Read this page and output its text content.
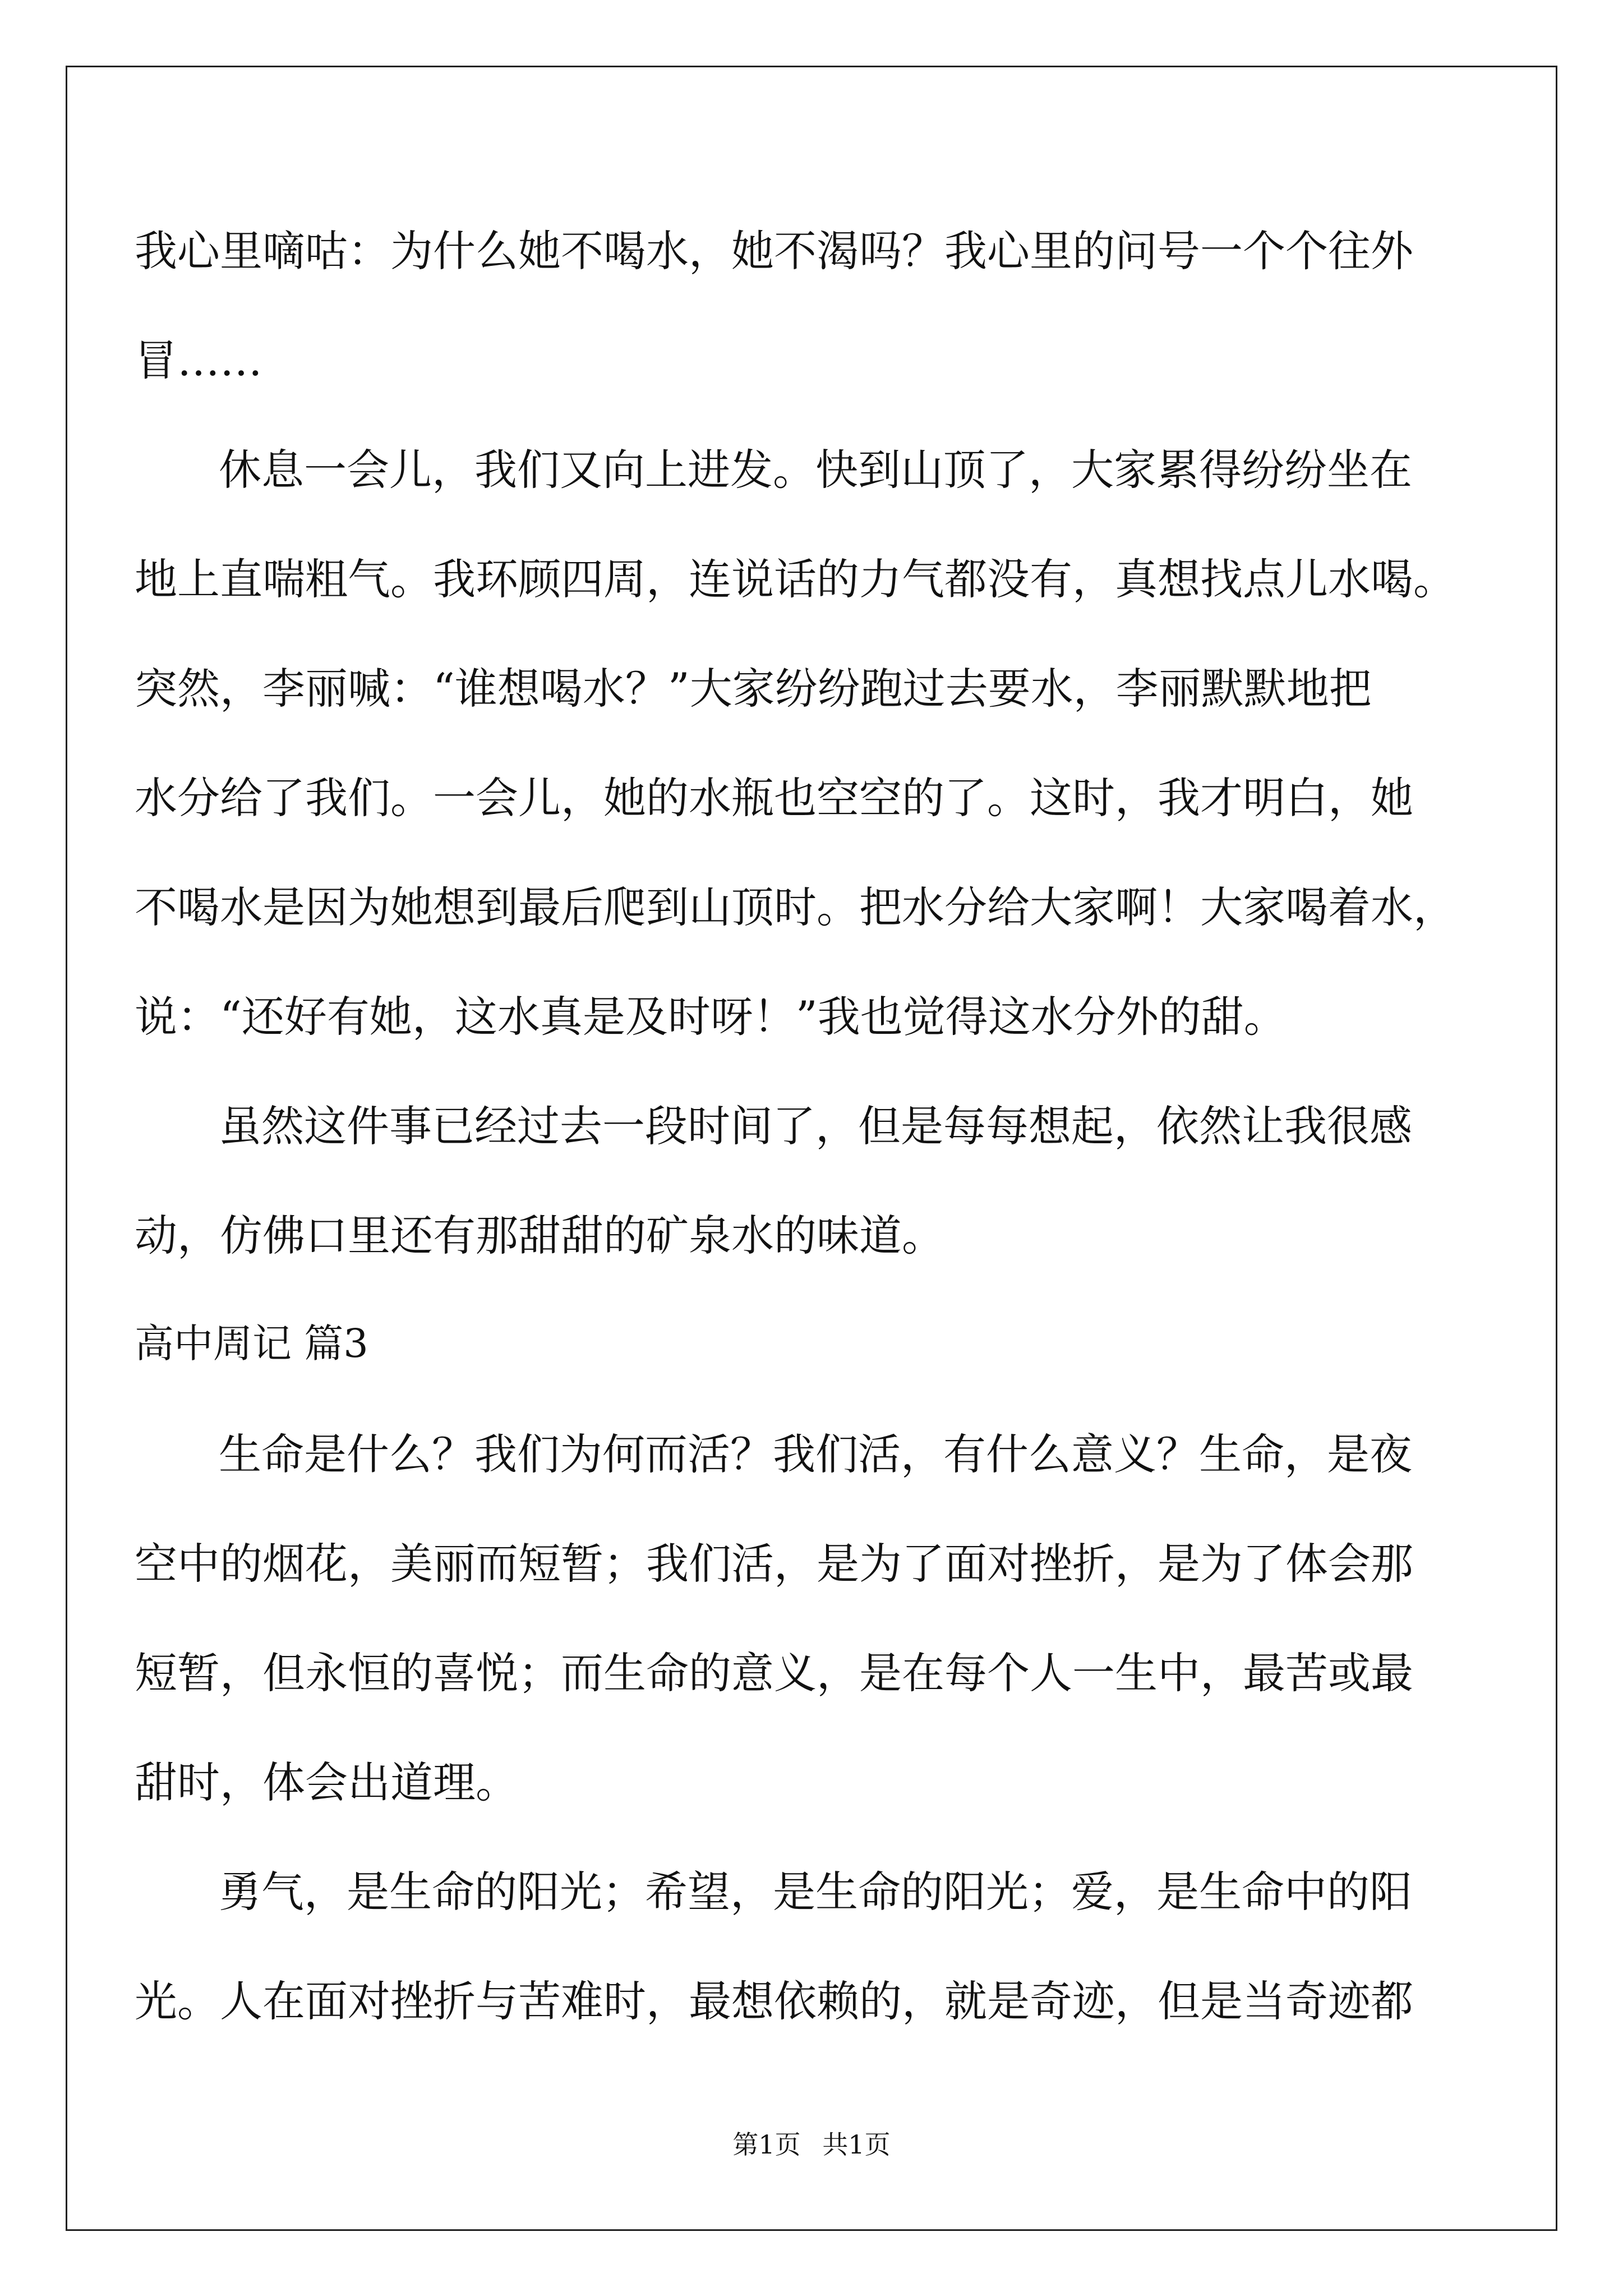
我心里嘀咕：为什么她不喝水，她不渴吗？我心里的问号一个个往外
冒……
休息一会儿，我们又向上进发。快到山顶了，大家累得纷纷坐在
地上直喘粗气。我环顾四周，连说话的力气都没有，真想找点儿水喝。
突然，李丽喊：“谁想喝水？”大家纷纷跑过去要水，李丽默默地把
水分给了我们。一会儿，她的水瓶也空空的了。这时，我才明白，她
不喝水是因为她想到最后爬到山顶时。把水分给大家啊！大家喝着水，
说：“还好有她，这水真是及时呀！”我也觉得这水分外的甜。
虽然这件事已经过去一段时间了，但是每每想起，依然让我很感
动，仿佛口里还有那甜甜的矿泉水的味道。
高中周记 篇3
生命是什么？我们为何而活？我们活，有什么意义？生命，是夜
空中的烟花，美丽而短暂；我们活，是为了面对挫折，是为了体会那
短暂，但永恒的喜悦；而生命的意义，是在每个人一生中，最苦或最
甜时，体会出道理。
勇气，是生命的阳光；希望，是生命的阳光；爱，是生命中的阳
光。人在面对挫折与苦难时，最想依赖的，就是奇迹，但是当奇迹都
第1页 共1页
